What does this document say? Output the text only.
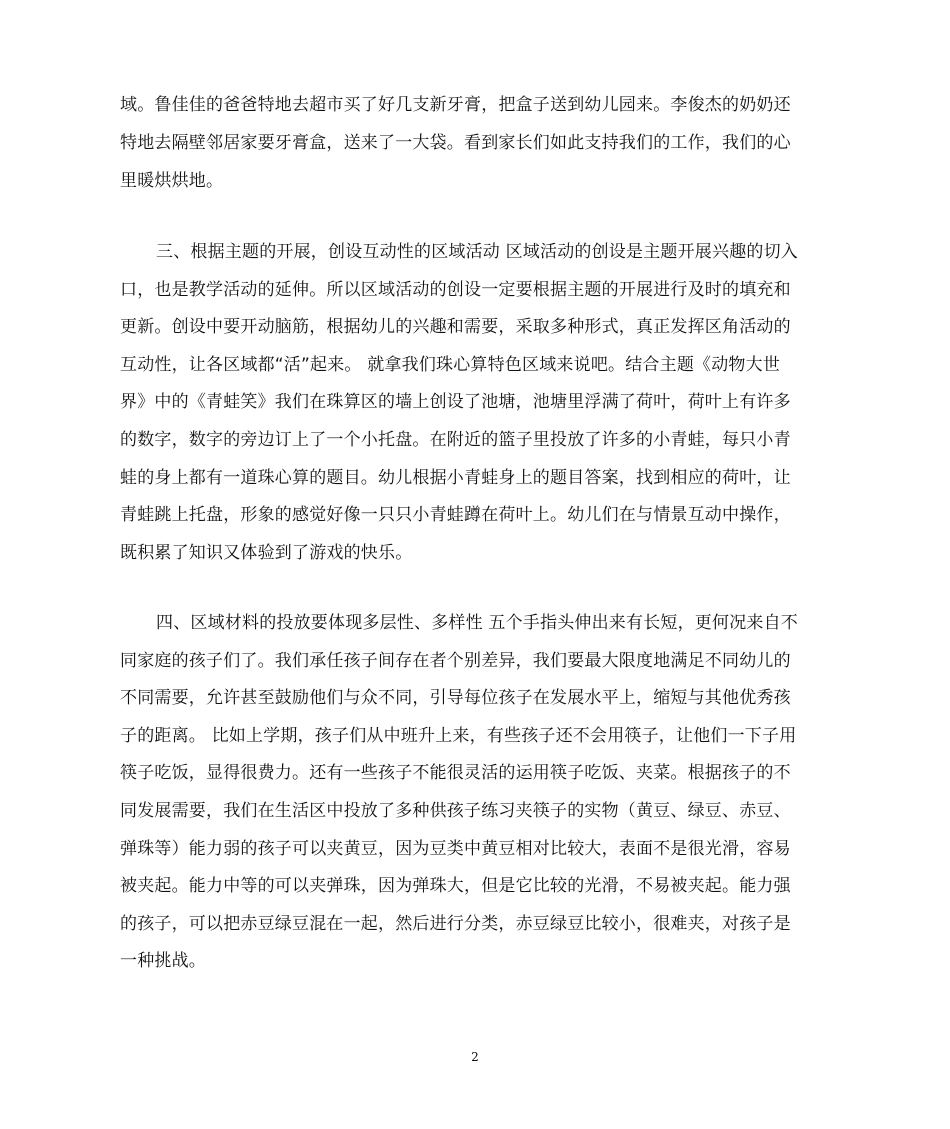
域。鲁佳佳的爸爸特地去超市买了好几支新牙膏，把盒子送到幼儿园来。李俊杰的奶奶还
特地去隔壁邻居家要牙膏盒，送来了一大袋。看到家长们如此支持我们的工作，我们的心
里暖烘烘地。
三、根据主题的开展，创设互动性的区域活动 区域活动的创设是主题开展兴趣的切入
口，也是教学活动的延伸。所以区域活动的创设一定要根据主题的开展进行及时的填充和
更新。创设中要开动脑筋，根据幼儿的兴趣和需要，采取多种形式，真正发挥区角活动的
互动性，让各区域都“活”起来。 就拿我们珠心算特色区域来说吧。结合主题《动物大世
界》中的《青蛙笑》我们在珠算区的墙上创设了池塘，池塘里浮满了荷叶，荷叶上有许多
的数字，数字的旁边订上了一个小托盘。在附近的篮子里投放了许多的小青蛙，每只小青
蛙的身上都有一道珠心算的题目。幼儿根据小青蛙身上的题目答案，找到相应的荷叶，让
青蛙跳上托盘，形象的感觉好像一只只小青蛙蹲在荷叶上。幼儿们在与情景互动中操作，
既积累了知识又体验到了游戏的快乐。
四、区域材料的投放要体现多层性、多样性 五个手指头伸出来有长短，更何况来自不
同家庭的孩子们了。我们承任孩子间存在者个别差异，我们要最大限度地满足不同幼儿的
不同需要，允许甚至鼓励他们与众不同，引导每位孩子在发展水平上，缩短与其他优秀孩
子的距离。 比如上学期，孩子们从中班升上来，有些孩子还不会用筷子，让他们一下子用
筷子吃饭，显得很费力。还有一些孩子不能很灵活的运用筷子吃饭、夹菜。根据孩子的不
同发展需要，我们在生活区中投放了多种供孩子练习夹筷子的实物（黄豆、绿豆、赤豆、
弹珠等）能力弱的孩子可以夹黄豆，因为豆类中黄豆相对比较大，表面不是很光滑，容易
被夹起。能力中等的可以夹弹珠，因为弹珠大，但是它比较的光滑，不易被夹起。能力强
的孩子，可以把赤豆绿豆混在一起，然后进行分类，赤豆绿豆比较小，很难夹，对孩子是
一种挑战。
2
